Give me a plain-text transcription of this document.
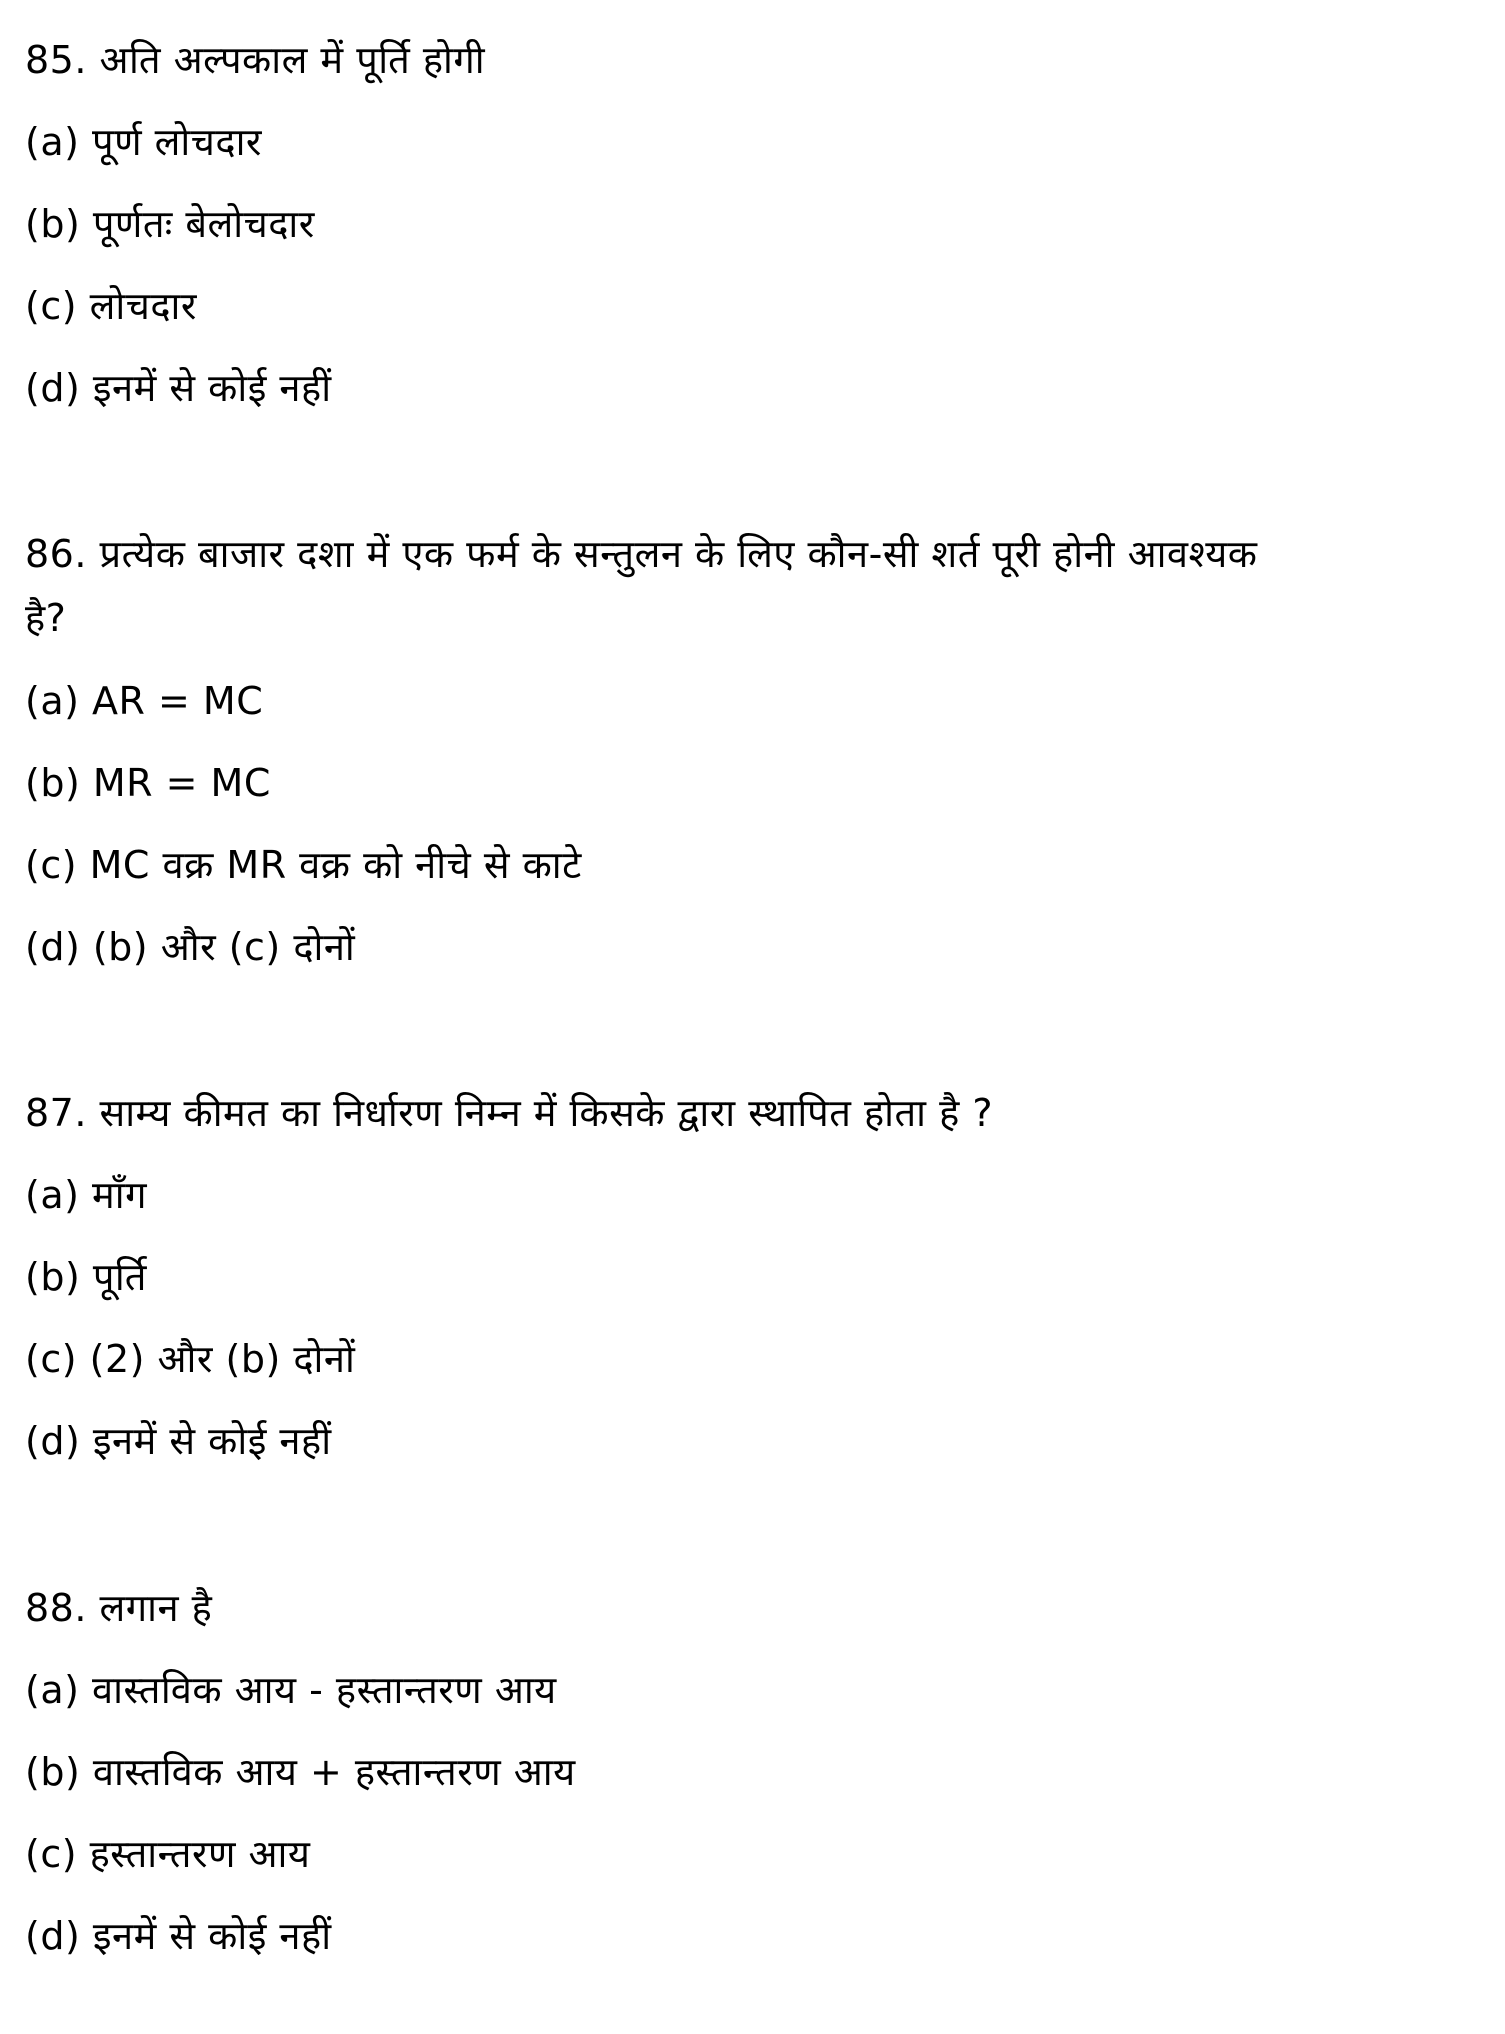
85. अति अल्पकाल में पूर्ति होगी
(a) पूर्ण लोचदार
(b) पूर्णतः बेलोचदार
(c) लोचदार
(d) इनमें से कोई नहीं
86. प्रत्येक बाजार दशा में एक फर्म के सन्तुलन के लिए कौन-सी शर्त पूरी होनी आवश्यक
है?
(a) AR = MC
(b) MR = MC
(c) MC वक्र MR वक्र को नीचे से काटे
(d) (b) और (c) दोनों
87. साम्य कीमत का निर्धारण निम्न में किसके द्वारा स्थापित होता है ?
(a) माँग
(b) पूर्ति
(c) (2) और (b) दोनों
(d) इनमें से कोई नहीं
88. लगान है
(a) वास्तविक आय - हस्तान्तरण आय
(b) वास्तविक आय + हस्तान्तरण आय
(c) हस्तान्तरण आय
(d) इनमें से कोई नहीं
